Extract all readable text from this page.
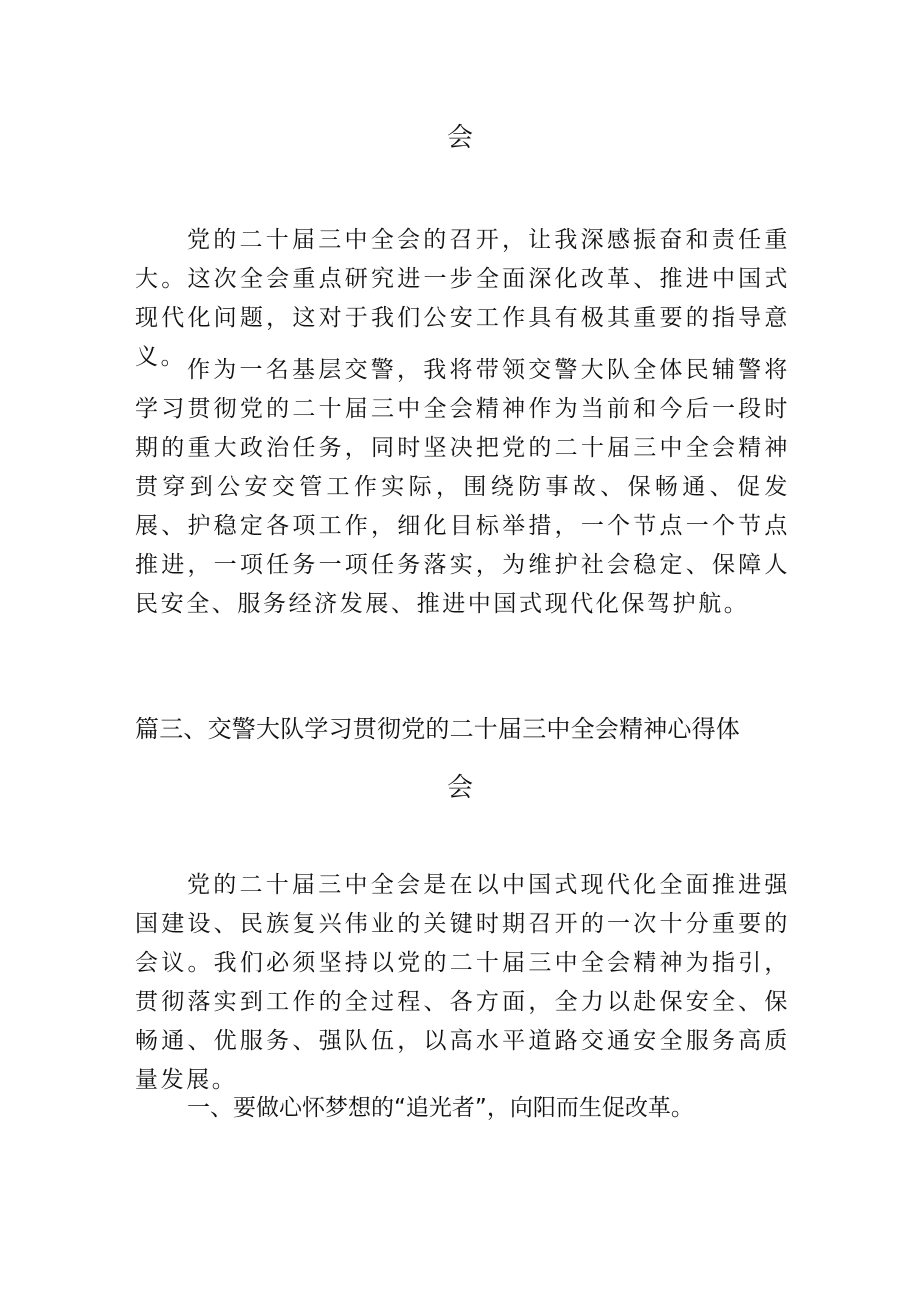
会

党的二十届三中全会的召开，让我深感振奋和责任重大。这次全会重点研究进一步全面深化改革、推进中国式现代化问题，这对于我们公安工作具有极其重要的指导意义。 作为一名基层交警，我将带领交警大队全体民辅警将学习贯彻党的二十届三中全会精神作为当前和今后一段时期的重大政治任务，同时坚决把党的二十届三中全会精神贯穿到公安交管工作实际，围绕防事故、保畅通、促发展、护稳定各项工作，细化目标举措，一个节点一个节点推进，一项任务一项任务落实，为维护社会稳定、保障人民安全、服务经济发展、推进中国式现代化保驾护航。

篇三、交警大队学习贯彻党的二十届三中全会精神心得体
会

党的二十届三中全会是在以中国式现代化全面推进强国建设、民族复兴伟业的关键时期召开的一次十分重要的会议。我们必须坚持以党的二十届三中全会精神为指引，贯彻落实到工作的全过程、各方面，全力以赴保安全、保畅通、优服务、强队伍，以高水平道路交通安全服务高质量发展。

一、要做心怀梦想的“追光者”，向阳而生促改革。
